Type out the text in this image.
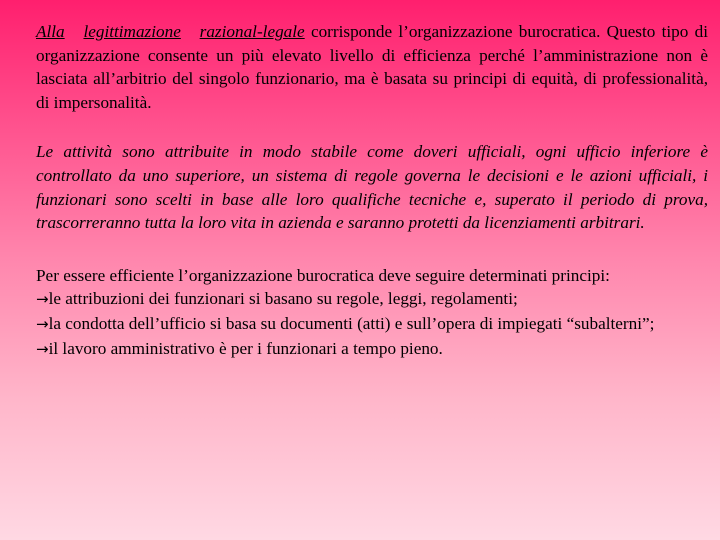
Alla legittimazione razional-legale corrisponde l’organizzazione burocratica. Questo tipo di organizzazione consente un più elevato livello di efficienza perché l’amministrazione non è lasciata all’arbitrio del singolo funzionario, ma è basata su principi di equità, di professionalità, di impersonalità.

Le attività sono attribuite in modo stabile come doveri ufficiali, ogni ufficio inferiore è controllato da uno superiore, un sistema di regole governa le decisioni e le azioni ufficiali, i funzionari sono scelti in base alle loro qualifiche tecniche e, superato il periodo di prova, trascorreranno tutta la loro vita in azienda e saranno protetti da licenziamenti arbitrari.

Per essere efficiente l’organizzazione burocratica deve seguire determinati principi:
→le attribuzioni dei funzionari si basano su regole, leggi, regolamenti;
→la condotta dell’ufficio si basa su documenti (atti) e sull’opera di impiegati “subalterni”;
→il lavoro amministrativo è per i funzionari a tempo pieno.
